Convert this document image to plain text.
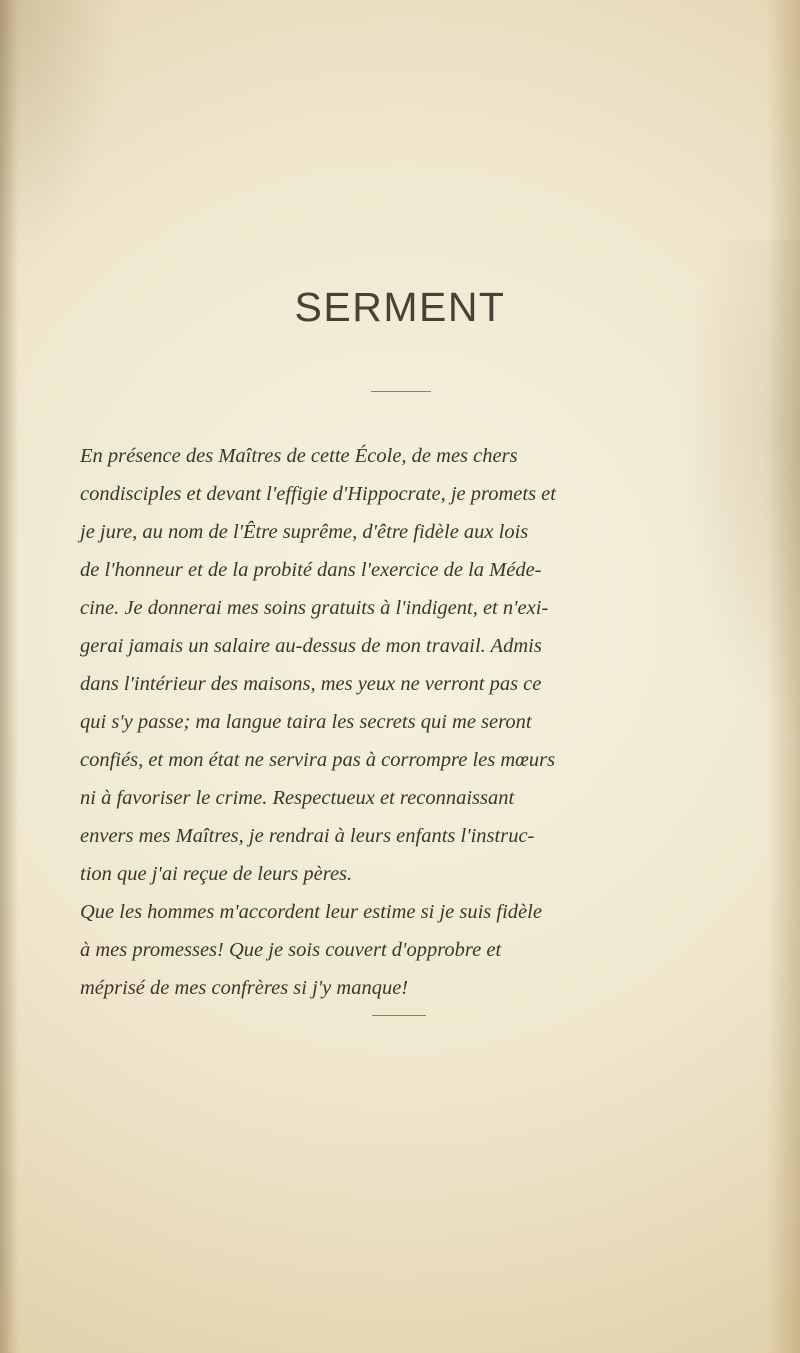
SERMENT
En présence des Maîtres de cette École, de mes chers
condisciples et devant l'effigie d'Hippocrate, je promets et
je jure, au nom de l'Être suprême, d'être fidèle aux lois
de l'honneur et de la probité dans l'exercice de la Méde-
cine. Je donnerai mes soins gratuits à l'indigent, et n'exi-
gerai jamais un salaire au-dessus de mon travail. Admis
dans l'intérieur des maisons, mes yeux ne verront pas ce
qui s'y passe; ma langue taira les secrets qui me seront
confiés, et mon état ne servira pas à corrompre les mœurs
ni à favoriser le crime. Respectueux et reconnaissant
envers mes Maîtres, je rendrai à leurs enfants l'instruc-
tion que j'ai reçue de leurs pères.
Que les hommes m'accordent leur estime si je suis fidèle
à mes promesses! Que je sois couvert d'opprobre et
méprisé de mes confrères si j'y manque!
